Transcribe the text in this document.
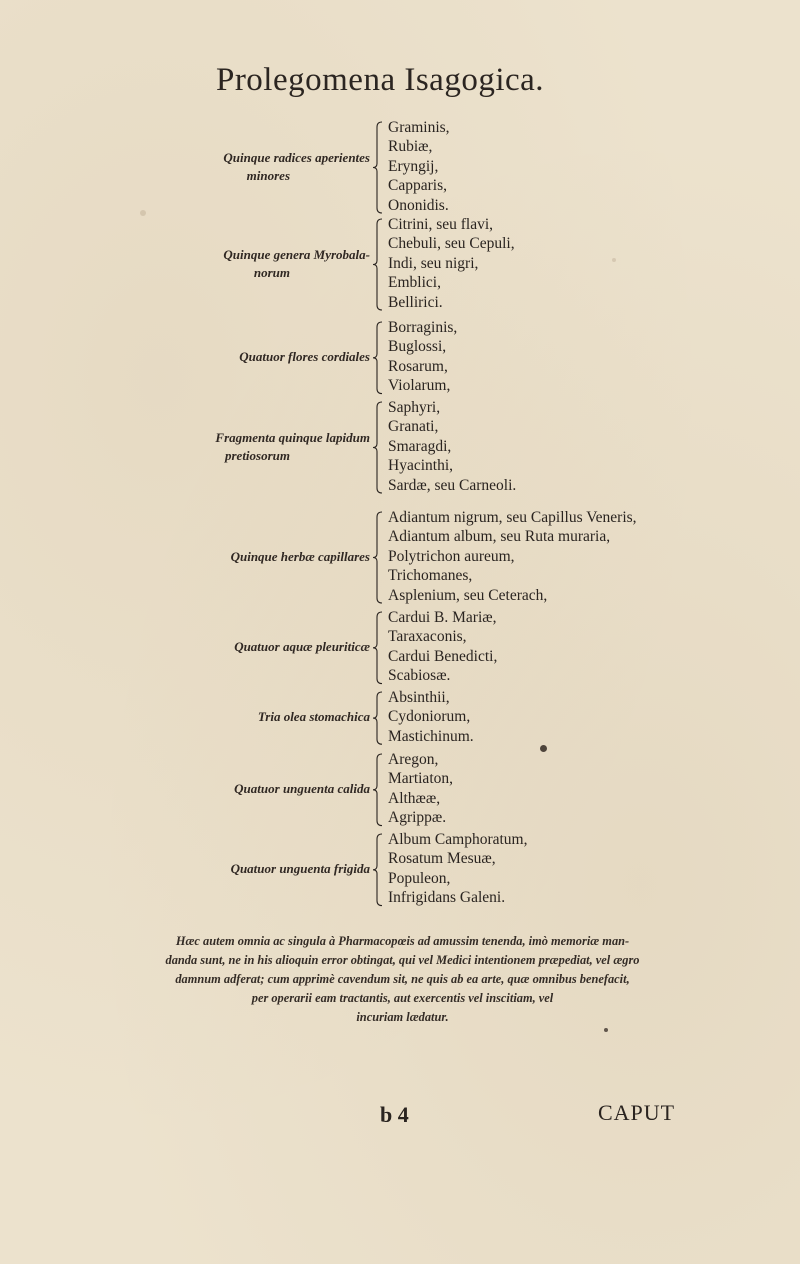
Prolegomena Isagogica.
Quinque radices aperientes
minores
Graminis,
Rubiæ,
Eryngij,
Capparis,
Ononidis.
Quinque genera Myrobala-
norum
Citrini, seu flavi,
Chebuli, seu Cepuli,
Indi, seu nigri,
Emblici,
Bellirici.
Quatuor flores cordiales
Borraginis,
Buglossi,
Rosarum,
Violarum,
Fragmenta quinque lapidum
pretiosorum
Saphyri,
Granati,
Smaragdi,
Hyacinthi,
Sardæ, seu Carneoli.
Quinque herbæ capillares
Adiantum nigrum, seu Capillus Veneris,
Adiantum album, seu Ruta muraria,
Polytrichon aureum,
Trichomanes,
Asplenium, seu Ceterach,
Quatuor aquæ pleuriticæ
Cardui B. Mariæ,
Taraxaconis,
Cardui Benedicti,
Scabiosæ.
Tria olea stomachica
Absinthii,
Cydoniorum,
Mastichinum.
Quatuor unguenta calida
Aregon,
Martiaton,
Althææ,
Agrippæ.
Quatuor unguenta frigida
Album Camphoratum,
Rosatum Mesuæ,
Populeon,
Infrigidans Galeni.
Hæc autem omnia ac singula à Pharmacopœis ad amussim tenenda, imò memoriæ man-
danda sunt, ne in his alioquin error obtingat, qui vel Medici intentionem præpediat, vel ægro
damnum adferat; cum apprimè cavendum sit, ne quis ab ea arte, quæ omnibus benefacit,
per operarii eam tractantis, aut exercentis vel inscitiam, vel
incuriam lædatur.
b 4	CAPUT
